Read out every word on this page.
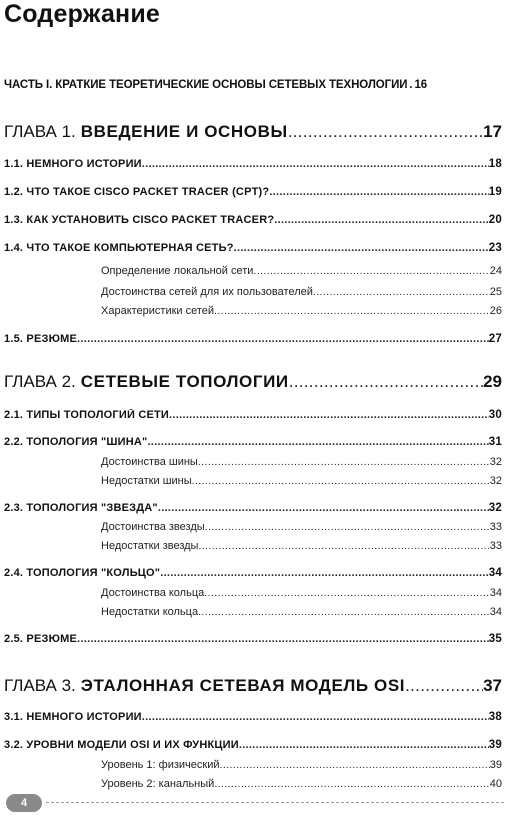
Содержание
ЧАСТЬ I. КРАТКИЕ ТЕОРЕТИЧЕСКИЕ ОСНОВЫ СЕТЕВЫХ ТЕХНОЛОГИЙ . 16
ГЛАВА 1. ВВЕДЕНИЕ И ОСНОВЫ .....	17
1.1. НЕМНОГО ИСТОРИИ .....	18
1.2. ЧТО ТАКОЕ CISCO PACKET TRACER (CPT)? .....	19
1.3. КАК УСТАНОВИТЬ CISCO PACKET TRACER? .....	20
1.4. ЧТО ТАКОЕ КОМПЬЮТЕРНАЯ СЕТЬ? .....	23
Определение локальной сети .....	24
Достоинства сетей для их пользователей .....	25
Характеристики сетей .....	26
1.5. РЕЗЮМЕ .....	27
ГЛАВА 2. СЕТЕВЫЕ ТОПОЛОГИИ .....	29
2.1. ТИПЫ ТОПОЛОГИЙ СЕТИ .....	30
2.2. ТОПОЛОГИЯ "ШИНА" .....	31
Достоинства шины .....	32
Недостатки шины .....	32
2.3. ТОПОЛОГИЯ "ЗВЕЗДА" .....	32
Достоинства звезды .....	33
Недостатки звезды .....	33
2.4. ТОПОЛОГИЯ "КОЛЬЦО" .....	34
Достоинства кольца .....	34
Недостатки кольца .....	34
2.5. РЕЗЮМЕ .....	35
ГЛАВА 3. ЭТАЛОННАЯ СЕТЕВАЯ МОДЕЛЬ OSI .....	37
3.1. НЕМНОГО ИСТОРИИ .....	38
3.2. УРОВНИ МОДЕЛИ OSI И ИХ ФУНКЦИИ .....	39
Уровень 1: физический .....	39
Уровень 2: канальный .....	40
4
